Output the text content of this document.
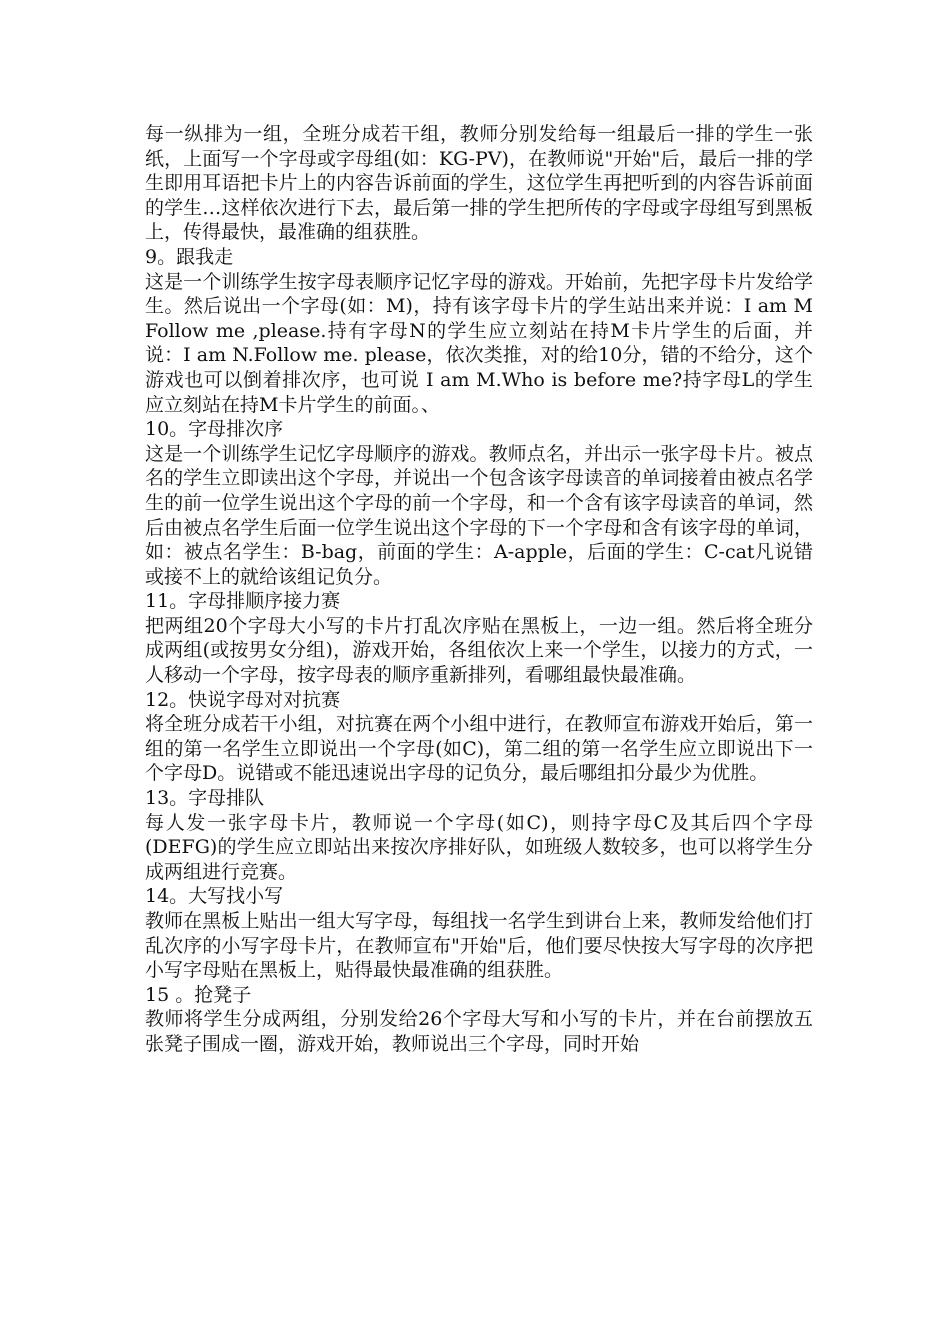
每一纵排为一组，全班分成若干组，教师分别发给每一组最后一排的学生一张纸，上面写一个字母或字母组(如：KG-PV)，在教师说"开始"后，最后一排的学生即用耳语把卡片上的内容告诉前面的学生，这位学生再把听到的内容告诉前面的学生…这样依次进行下去，最后第一排的学生把所传的字母或字母组写到黑板上，传得最快，最准确的组获胜。

9。跟我走

这是一个训练学生按字母表顺序记忆字母的游戏。开始前，先把字母卡片发给学生。然后说出一个字母(如：M)，持有该字母卡片的学生站出来并说：I am M Follow me ,please.持有字母N的学生应立刻站在持M卡片学生的后面，并说：I am N.Follow me. please，依次类推，对的给10分，错的不给分，这个游戏也可以倒着排次序，也可说 I am M.Who is before me?持字母L的学生应立刻站在持M卡片学生的前面。、

10。字母排次序

这是一个训练学生记忆字母顺序的游戏。教师点名，并出示一张字母卡片。被点名的学生立即读出这个字母，并说出一个包含该字母读音的单词接着由被点名学生的前一位学生说出这个字母的前一个字母，和一个含有该字母读音的单词，然后由被点名学生后面一位学生说出这个字母的下一个字母和含有该字母的单词，如：被点名学生：B-bag，前面的学生：A-apple，后面的学生：C-cat凡说错或接不上的就给该组记负分。

11。字母排顺序接力赛

把两组20个字母大小写的卡片打乱次序贴在黑板上，一边一组。然后将全班分成两组(或按男女分组)，游戏开始，各组依次上来一个学生，以接力的方式，一人移动一个字母，按字母表的顺序重新排列，看哪组最快最准确。

12。快说字母对对抗赛

将全班分成若干小组，对抗赛在两个小组中进行，在教师宣布游戏开始后，第一组的第一名学生立即说出一个字母(如C)，第二组的第一名学生应立即说出下一个字母D。说错或不能迅速说出字母的记负分，最后哪组扣分最少为优胜。

13。字母排队

每人发一张字母卡片，教师说一个字母(如C)，则持字母C及其后四个字母(DEFG)的学生应立即站出来按次序排好队，如班级人数较多，也可以将学生分成两组进行竞赛。

14。大写找小写

教师在黑板上贴出一组大写字母，每组找一名学生到讲台上来，教师发给他们打乱次序的小写字母卡片，在教师宣布"开始"后，他们要尽快按大写字母的次序把小写字母贴在黑板上，贴得最快最准确的组获胜。

15 。抢凳子

教师将学生分成两组，分别发给26个字母大写和小写的卡片，并在台前摆放五张凳子围成一圈，游戏开始，教师说出三个字母，同时开始
